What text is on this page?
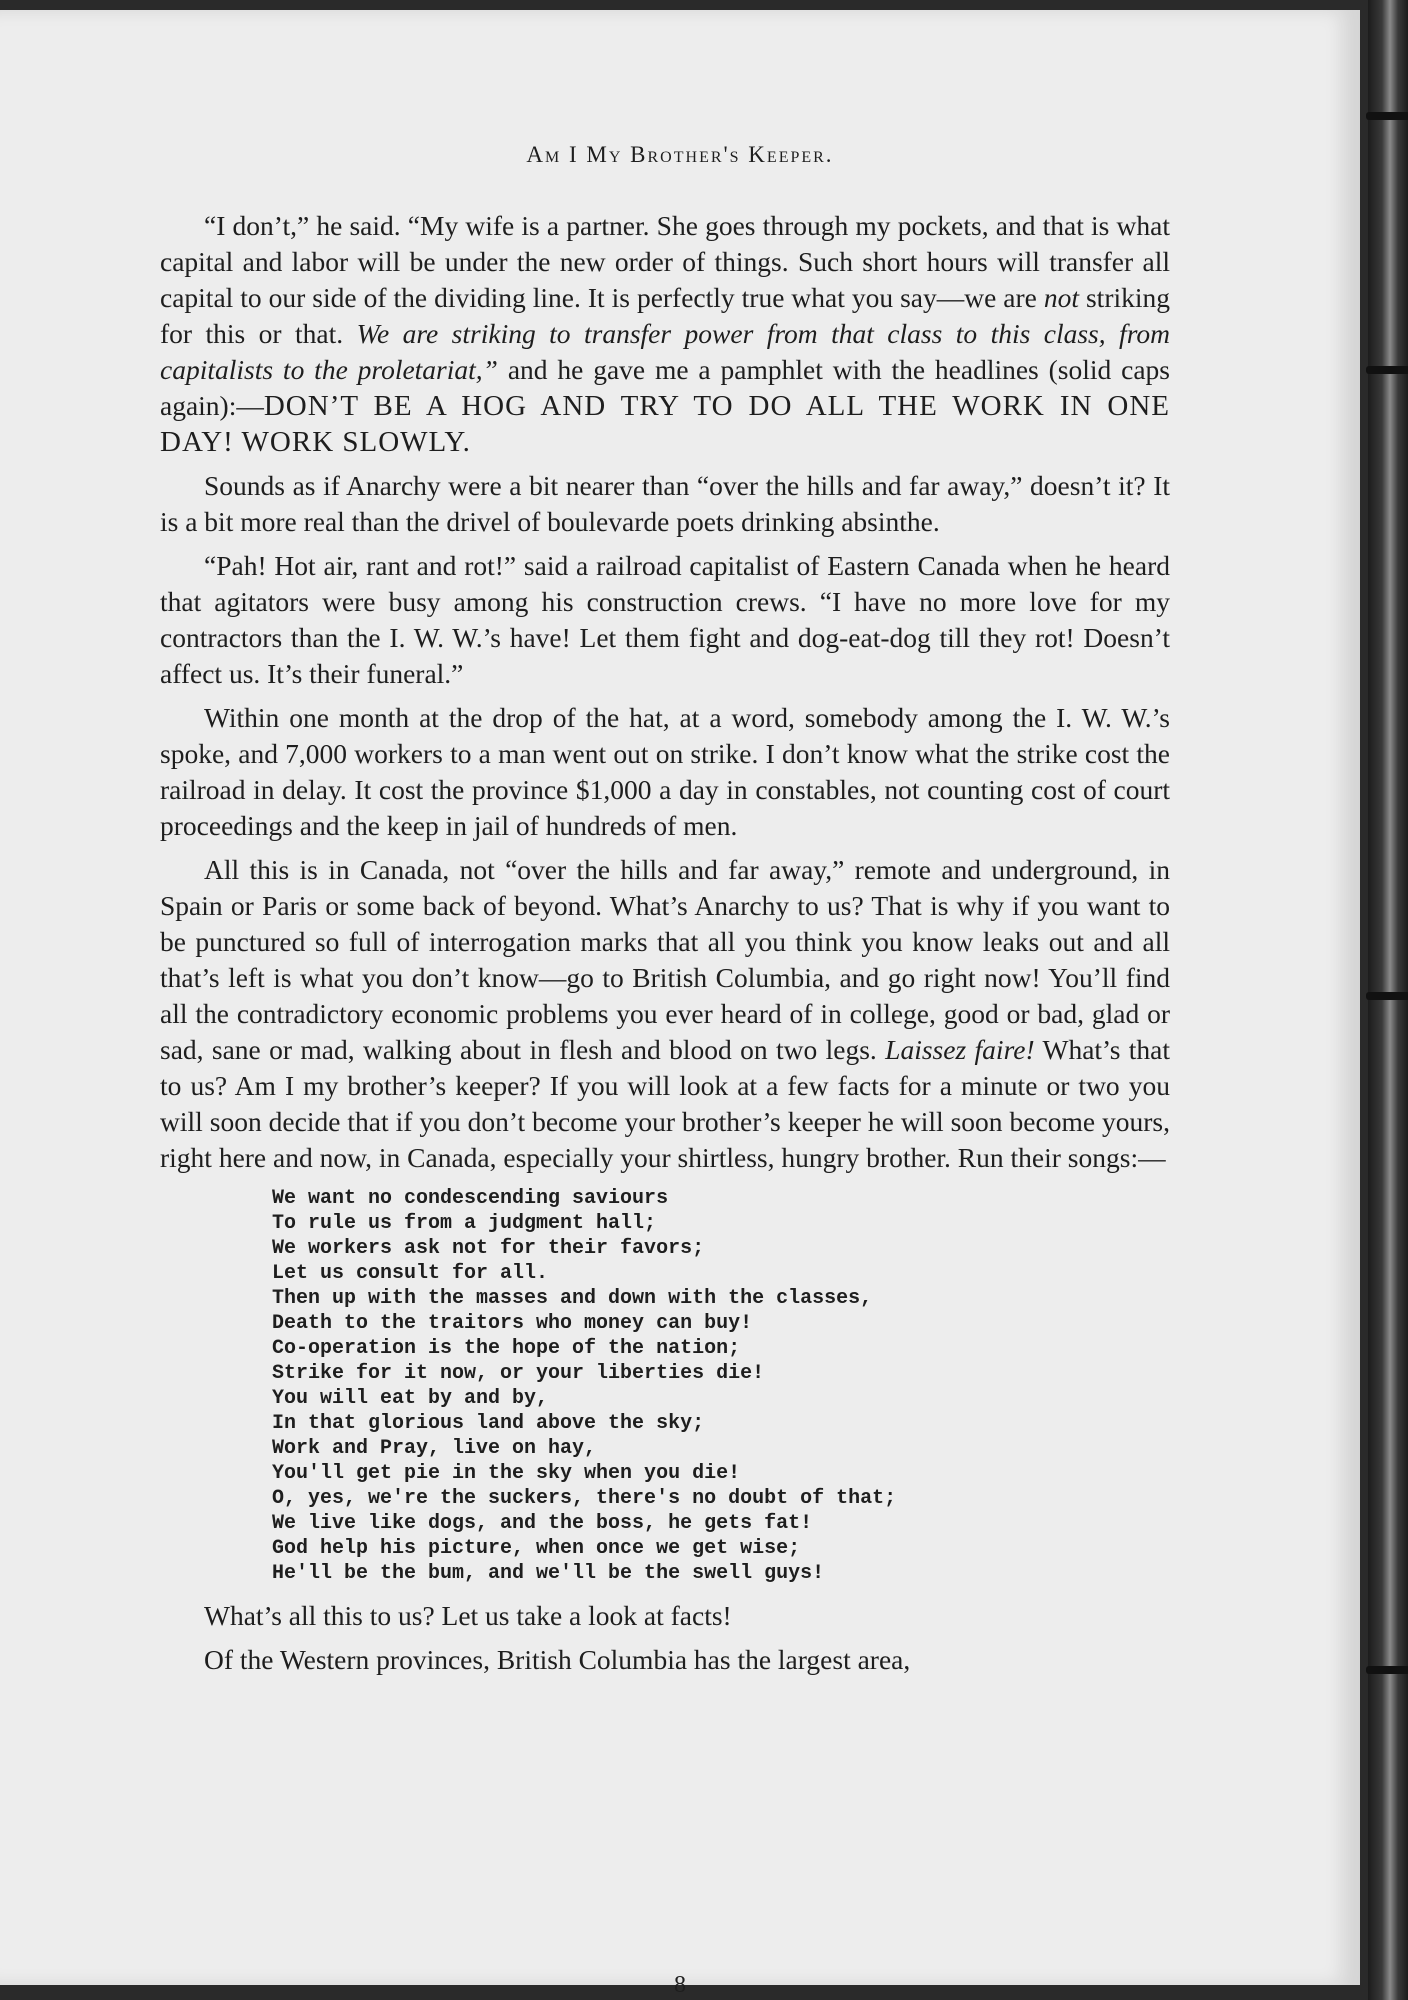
Am I My Brother's Keeper.

“I don’t,” he said. “My wife is a partner. She goes through my pockets, and that is what capital and labor will be under the new order of things. Such short hours will transfer all capital to our side of the dividing line. It is perfectly true what you say—we are not striking for this or that. We are striking to transfer power from that class to this class, from capitalists to the proletariat,” and he gave me a pamphlet with the headlines (solid caps again):—DON’T BE A HOG AND TRY TO DO ALL THE WORK IN ONE DAY! WORK SLOWLY.

Sounds as if Anarchy were a bit nearer than “over the hills and far away,” doesn’t it? It is a bit more real than the drivel of boulevarde poets drinking absinthe.

“Pah! Hot air, rant and rot!” said a railroad capitalist of Eastern Canada when he heard that agitators were busy among his construction crews. “I have no more love for my contractors than the I. W. W.’s have! Let them fight and dog-eat-dog till they rot! Doesn’t affect us. It’s their funeral.”

Within one month at the drop of the hat, at a word, somebody among the I. W. W.’s spoke, and 7,000 workers to a man went out on strike. I don’t know what the strike cost the railroad in delay. It cost the province $1,000 a day in constables, not counting cost of court proceedings and the keep in jail of hundreds of men.

All this is in Canada, not “over the hills and far away,” remote and underground, in Spain or Paris or some back of beyond. What’s Anarchy to us? That is why if you want to be punctured so full of interrogation marks that all you think you know leaks out and all that’s left is what you don’t know—go to British Columbia, and go right now! You’ll find all the contradictory economic problems you ever heard of in college, good or bad, glad or sad, sane or mad, walking about in flesh and blood on two legs. Laissez faire! What’s that to us? Am I my brother’s keeper? If you will look at a few facts for a minute or two you will soon decide that if you don’t become your brother’s keeper he will soon become yours, right here and now, in Canada, especially your shirtless, hungry brother. Run their songs:—

We want no condescending saviours
To rule us from a judgment hall;
We workers ask not for their favors;
Let us consult for all.
Then up with the masses and down with the classes,
Death to the traitors who money can buy!
Co-operation is the hope of the nation;
Strike for it now, or your liberties die!
You will eat by and by,
In that glorious land above the sky;
Work and Pray, live on hay,
You'll get pie in the sky when you die!
O, yes, we're the suckers, there's no doubt of that;
We live like dogs, and the boss, he gets fat!
God help his picture, when once we get wise;
He'll be the bum, and we'll be the swell guys!

What’s all this to us? Let us take a look at facts!

Of the Western provinces, British Columbia has the largest area,

8
